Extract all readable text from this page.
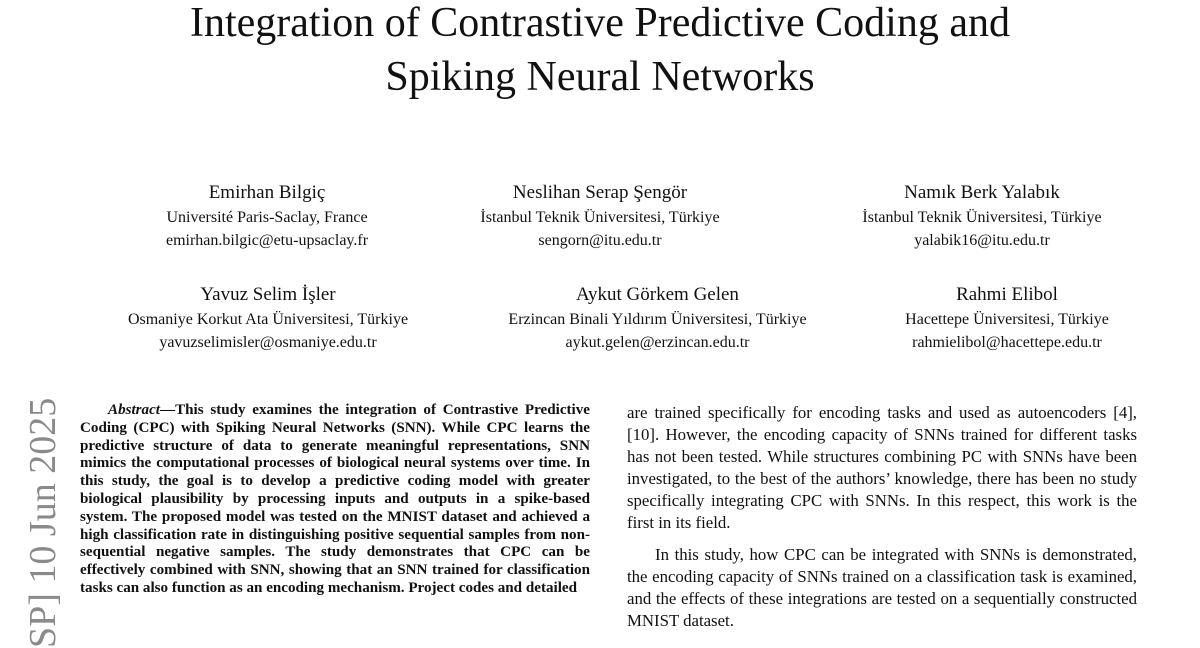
Integration of Contrastive Predictive Coding and
Spiking Neural Networks
Emirhan Bilgiç
Université Paris-Saclay, France
emirhan.bilgic@etu-upsaclay.fr
Neslihan Serap Şengör
İstanbul Teknik Üniversitesi, Türkiye
sengorn@itu.edu.tr
Namık Berk Yalabık
İstanbul Teknik Üniversitesi, Türkiye
yalabik16@itu.edu.tr
Yavuz Selim İşler
Osmaniye Korkut Ata Üniversitesi, Türkiye
yavuzselimisler@osmaniye.edu.tr
Aykut Görkem Gelen
Erzincan Binali Yıldırım Üniversitesi, Türkiye
aykut.gelen@erzincan.edu.tr
Rahmi Elibol
Hacettepe Üniversitesi, Türkiye
rahmielibol@hacettepe.edu.tr
SP] 10 Jun 2025	Abstract—This study examines the integration of Contrastive Predictive Coding (CPC) with Spiking Neural Networks (SNN). While CPC learns the predictive structure of data to generate meaningful representations, SNN mimics the computational processes of biological neural systems over time. In this study, the goal is to develop a predictive coding model with greater biological plausibility by processing inputs and outputs in a spike-based system. The proposed model was tested on the MNIST dataset and achieved a high classification rate in distinguishing positive sequential samples from non-sequential negative samples. The study demonstrates that CPC can be effectively combined with SNN, showing that an SNN trained for classification tasks can also function as an encoding mechanism. Project codes and detailed

are trained specifically for encoding tasks and used as autoencoders [4], [10]. However, the encoding capacity of SNNs trained for different tasks has not been tested. While structures combining PC with SNNs have been investigated, to the best of the authors’ knowledge, there has been no study specifically integrating CPC with SNNs. In this respect, this work is the first in its field.

In this study, how CPC can be integrated with SNNs is demonstrated, the encoding capacity of SNNs trained on a classification task is examined, and the effects of these integrations are tested on a sequentially constructed MNIST dataset.
